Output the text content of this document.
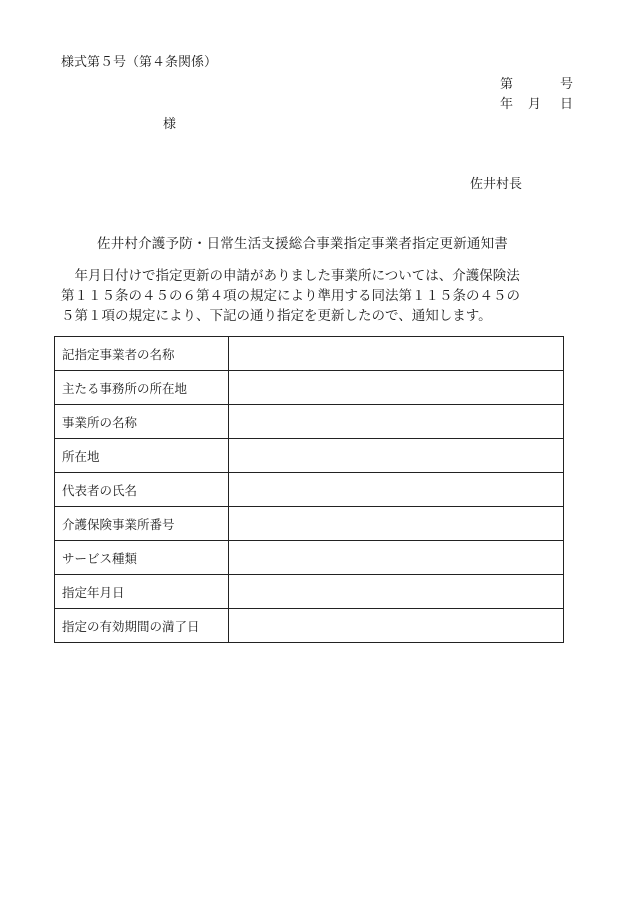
様式第５号（第４条関係）
第	号
年 月 日
様
佐井村長
佐井村介護予防・日常生活支援総合事業指定事業者指定更新通知書
　年月日付けで指定更新の申請がありました事業所については、介護保険法
第１１５条の４５の６第４項の規定により準用する同法第１１５条の４５の
５第１項の規定により、下記の通り指定を更新したので、通知します。
記指定事業者の名称	
主たる事務所の所在地	
事業所の名称	
所在地	
代表者の氏名	
介護保険事業所番号	
サービス種類	
指定年月日	
指定の有効期間の満了日	
